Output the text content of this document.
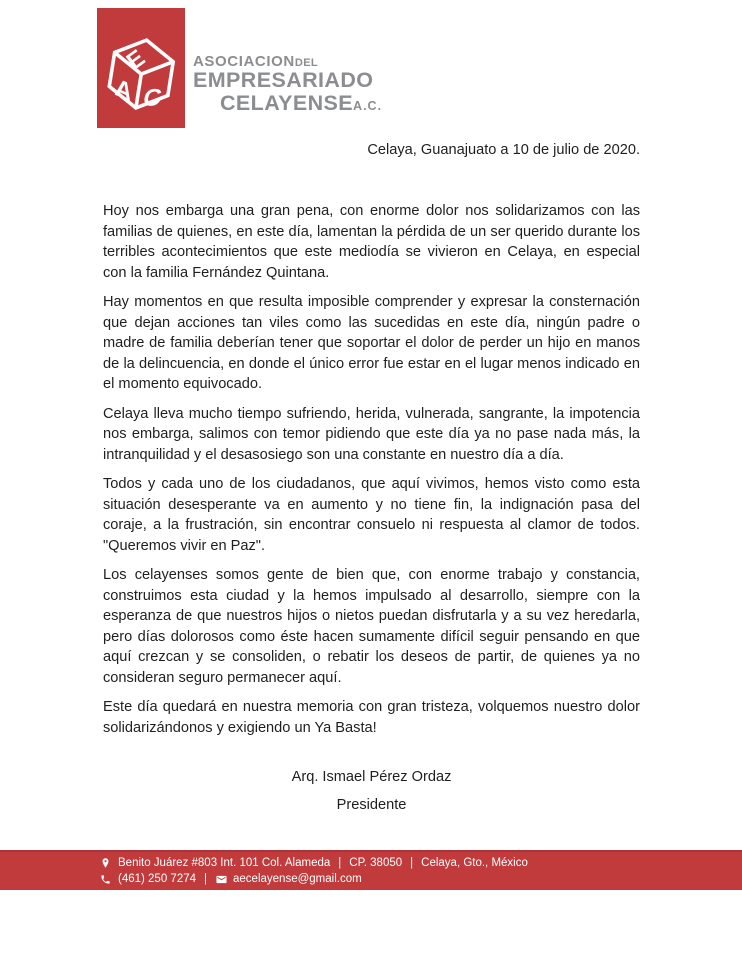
E
A C
ASOCIACIONDEL
EMPRESARIADO
CELAYENSEA.C.
Celaya, Guanajuato a 10 de julio de 2020.

Hoy nos embarga una gran pena, con enorme dolor nos solidarizamos con las familias de quienes, en este día, lamentan la pérdida de un ser querido durante los terribles acontecimientos que este mediodía se vivieron en Celaya, en especial con la familia Fernández Quintana.

Hay momentos en que resulta imposible comprender y expresar la consternación que dejan acciones tan viles como las sucedidas en este día, ningún padre o madre de familia deberían tener que soportar el dolor de perder un hijo en manos de la delincuencia, en donde el único error fue estar en el lugar menos indicado en el momento equivocado.

Celaya lleva mucho tiempo sufriendo, herida, vulnerada, sangrante, la impotencia nos embarga, salimos con temor pidiendo que este día ya no pase nada más, la intranquilidad y el desasosiego son una constante en nuestro día a día.

Todos y cada uno de los ciudadanos, que aquí vivimos, hemos visto como esta situación desesperante va en aumento y no tiene fin, la indignación pasa del coraje, a la frustración, sin encontrar consuelo ni respuesta al clamor de todos. "Queremos vivir en Paz".

Los celayenses somos gente de bien que, con enorme trabajo y constancia, construimos esta ciudad y la hemos impulsado al desarrollo, siempre con la esperanza de que nuestros hijos o nietos puedan disfrutarla y a su vez heredarla, pero días dolorosos como éste hacen sumamente difícil seguir pensando en que aquí crezcan y se consoliden, o rebatir los deseos de partir, de quienes ya no consideran seguro permanecer aquí.

Este día quedará en nuestra memoria con gran tristeza, volquemos nuestro dolor solidarizándonos y exigiendo un Ya Basta!

Arq. Ismael Pérez Ordaz
Presidente
Benito Juárez #803 Int. 101 Col. Alameda | CP. 38050 | Celaya, Gto., México
(461) 250 7274 | aecelayense@gmail.com
